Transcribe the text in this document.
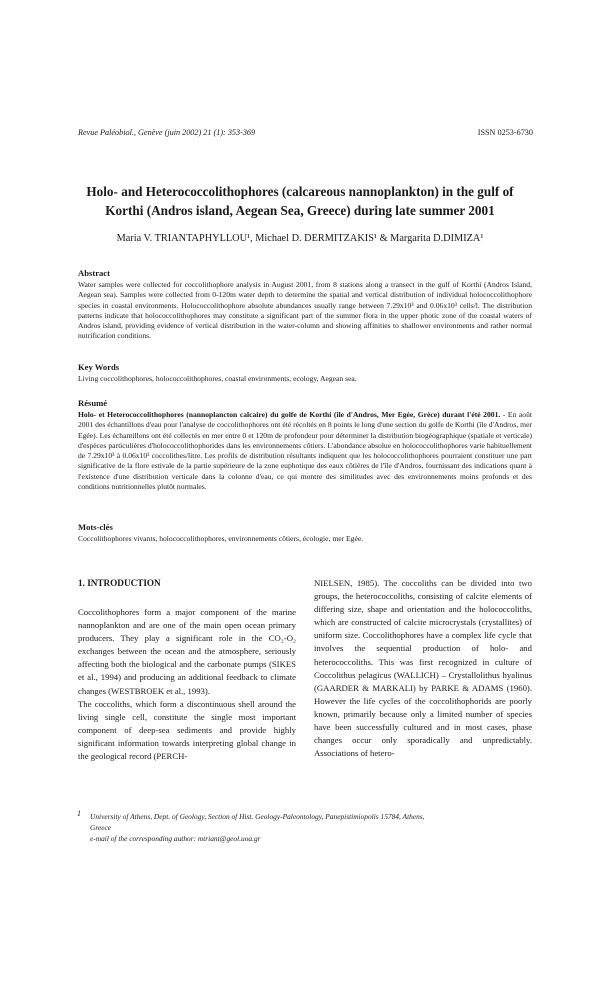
Revue Paléobiol., Genève (juin 2002) 21 (1): 353-369	ISSN 0253-6730
Holo- and Heterococcolithophores (calcareous nannoplankton) in the gulf of
Korthi (Andros island, Aegean Sea, Greece) during late summer 2001
Maria V. TRIANTAPHYLLOU¹, Michael D. DERMITZAKIS¹ & Margarita D.DIMIZA¹
Abstract

Water samples were collected for coccolithophore analysis in August 2001, from 8 stations along a transect in the gulf of Korthi (Andros Island, Aegean sea). Samples were collected from 0-120m water depth to determine the spatial and vertical distribution of individual holococcolithophore species in coastal environments. Holococcolithophore absolute abundances usually range between 7.29x10³ and 0.06x10³ cells/l. The distribution patterns indicate that holococcolithophores may constitute a significant part of the summer flora in the upper photic zone of the coastal waters of Andros island, providing evidence of vertical distribution in the water-column and showing affinities to shallower environments and rather normal nutrification conditions.

Key Words

Living coccolithophores, holococcolithophores, coastal environments, ecology, Aegean sea.

Résumé

Holo- et Heterococcolithophores (nannoplancton calcaire) du golfe de Korthi (île d'Andros, Mer Egée, Grèce) durant l'été 2001. - En août 2001 des échantillons d'eau pour l'analyse de coccolithophores ont été récoltés en 8 points le long d'une section du golfe de Korthi (île d'Andros, mer Egée). Les échantillons ont été collectés en mer entre 0 et 120m de profondeur pour déterminer la distribution biogéographique (spatiale et verticale) d'espèces particulières d'holococcolithophorides dans les environnements côtiers. L'abondance absolue en holococcolithophores varie habituellement de 7.29x10³ à 0.06x10³ coccolithes/litre. Les profils de distribution résultants indiquent que les holococcolithophores pourraient constituer une part significative de la flore estivale de la partie supérieure de la zone euphotique des eaux côtières de l'île d'Andros, fournissant des indications quant à l'existence d'une distribution verticale dans la colonne d'eau, ce qui montre des similitudes avec des environnements moins profonds et des conditions nutritionnelles plutôt normales.

Mots-clés

Coccolithophores vivants, holococcolithophores, environnements côtiers, écologie, mer Egée.

1. INTRODUCTION

Coccolithophores form a major component of the marine nannoplankton and are one of the main open ocean primary producers. They play a significant role in the CO₂-O₂ exchanges between the ocean and the atmosphere, seriously affecting both the biological and the carbonate pumps (SIKES et al., 1994) and producing an additional feedback to climate changes (WESTBROEK et al., 1993).

The coccoliths, which form a discontinuous shell around the living single cell, constitute the single most important component of deep-sea sediments and provide highly significant information towards interpreting global change in the geological record (PERCH-

NIELSEN, 1985). The coccoliths can be divided into two groups, the heterococcoliths, consisting of calcite elements of differing size, shape and orientation and the holococcoliths, which are constructed of calcite microcrystals (crystallites) of uniform size. Coccolithophores have a complex life cycle that involves the sequential production of holo- and heterococcoliths. This was first recognized in culture of Coccolithus pelagicus (WALLICH) – Crystallolithus hyalinus (GAARDER & MARKALI) by PARKE & ADAMS (1960). However the life cycles of the coccolithophorids are poorly known, primarily because only a limited number of species have been successfully cultured and in most cases, phase changes occur only sporadically and unpredictably. Associations of hetero-

1 University of Athens, Dept. of Geology, Section of Hist. Geology-Paleontology, Panepistimiopolis 15784, Athens,
Greece
e-mail of the corresponding author: mtriant@geol.uoa.gr
